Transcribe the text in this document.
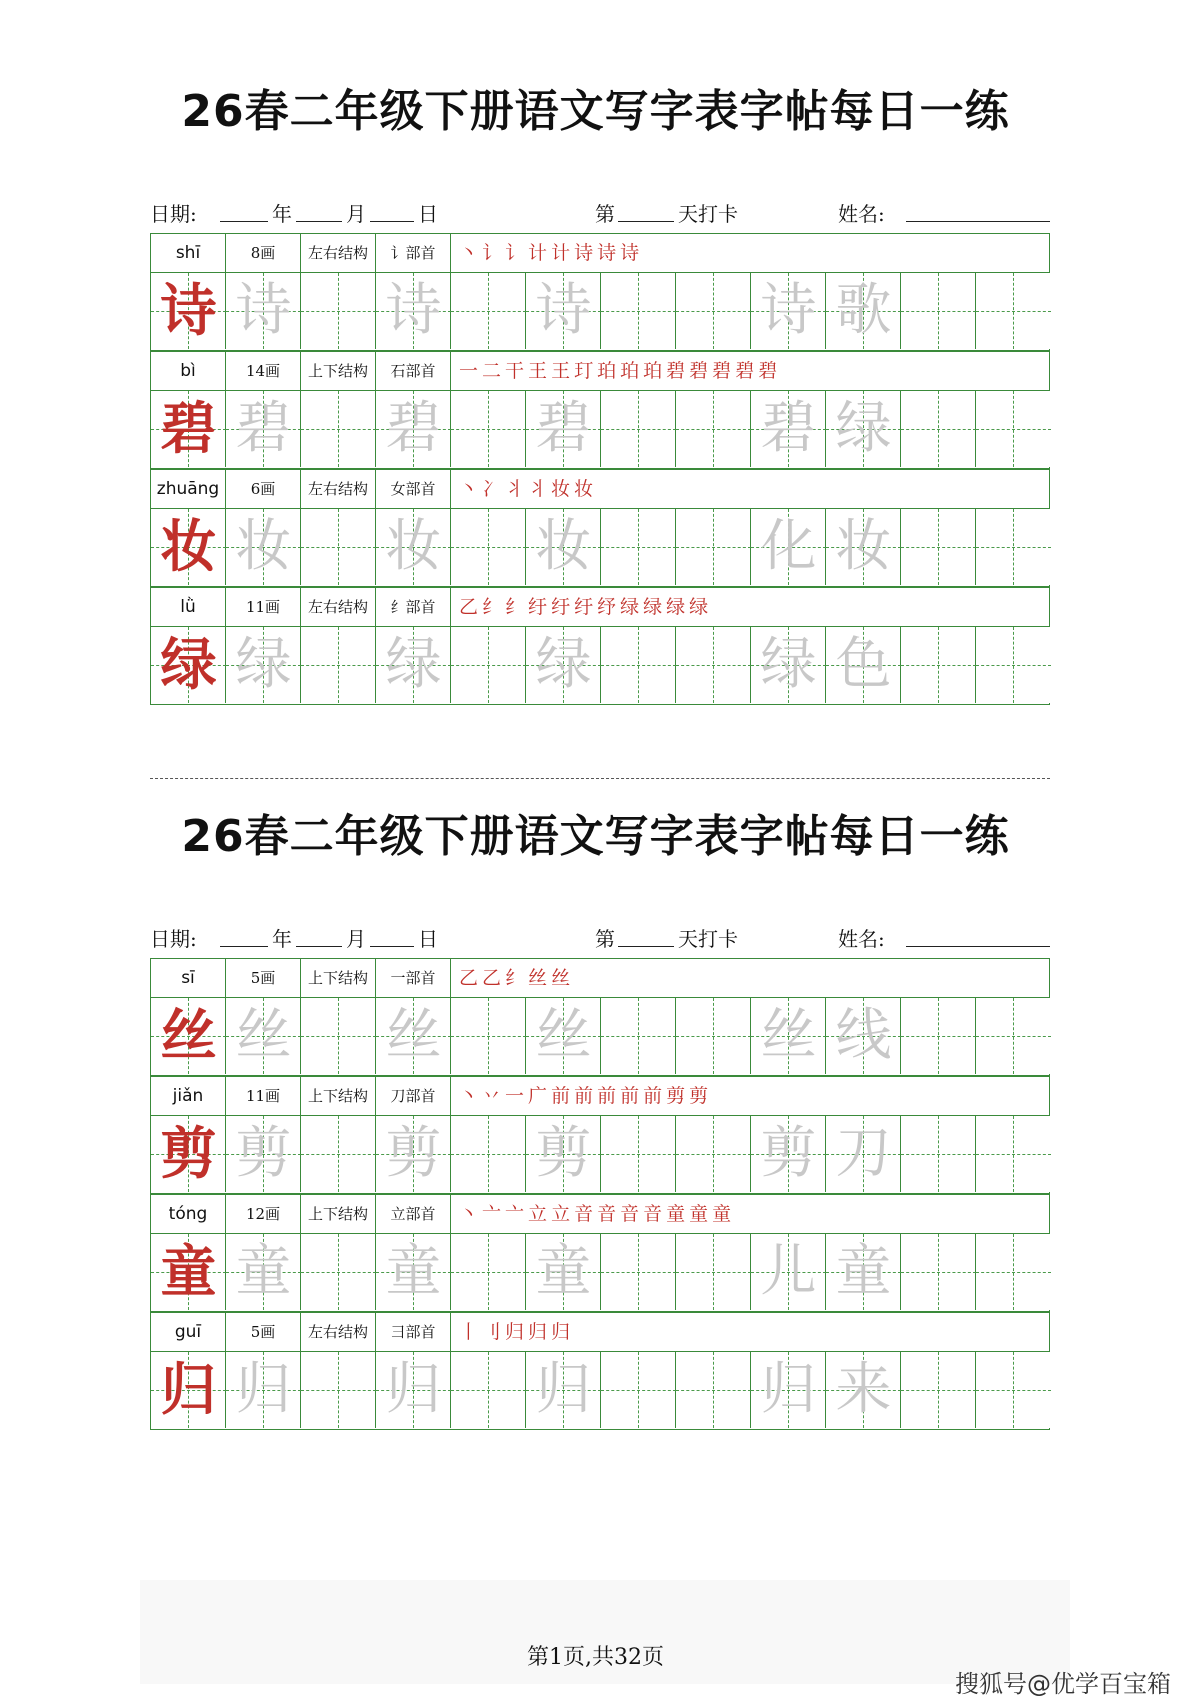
26春二年级下册语文写字表字帖每日一练
日期:	年	月	日	第	天打卡	姓名:
shī	8画	左右结构	讠部首	丶讠讠计计诗诗诗
诗 诗 诗 诗	诗 歌
bì	14画	上下结构	石部首	一二干王王玎珀珀珀碧碧碧碧碧
碧 碧 碧 碧	碧 绿
zhuāng	6画	左右结构	女部首	丶冫丬丬妆妆
妆 妆 妆 妆	化 妆
lǜ	11画	左右结构	纟部首	乙纟纟纡纡纡纾绿绿绿绿
绿 绿 绿 绿	绿 色
26春二年级下册语文写字表字帖每日一练
日期:	年	月	日	第	天打卡	姓名:
sī	5画	上下结构	一部首	乙乙纟丝丝
丝 丝 丝 丝	丝 线
jiǎn	11画	上下结构	刀部首	丶丷一广前前前前前剪剪
剪 剪 剪 剪	剪 刀
tóng	12画	上下结构	立部首	丶亠亠立立音音音音童童童
童 童 童 童	儿 童
guī	5画	左右结构	彐部首	丨刂归归归
归 归 归 归	归 来
第1页,共32页
搜狐号@优学百宝箱
